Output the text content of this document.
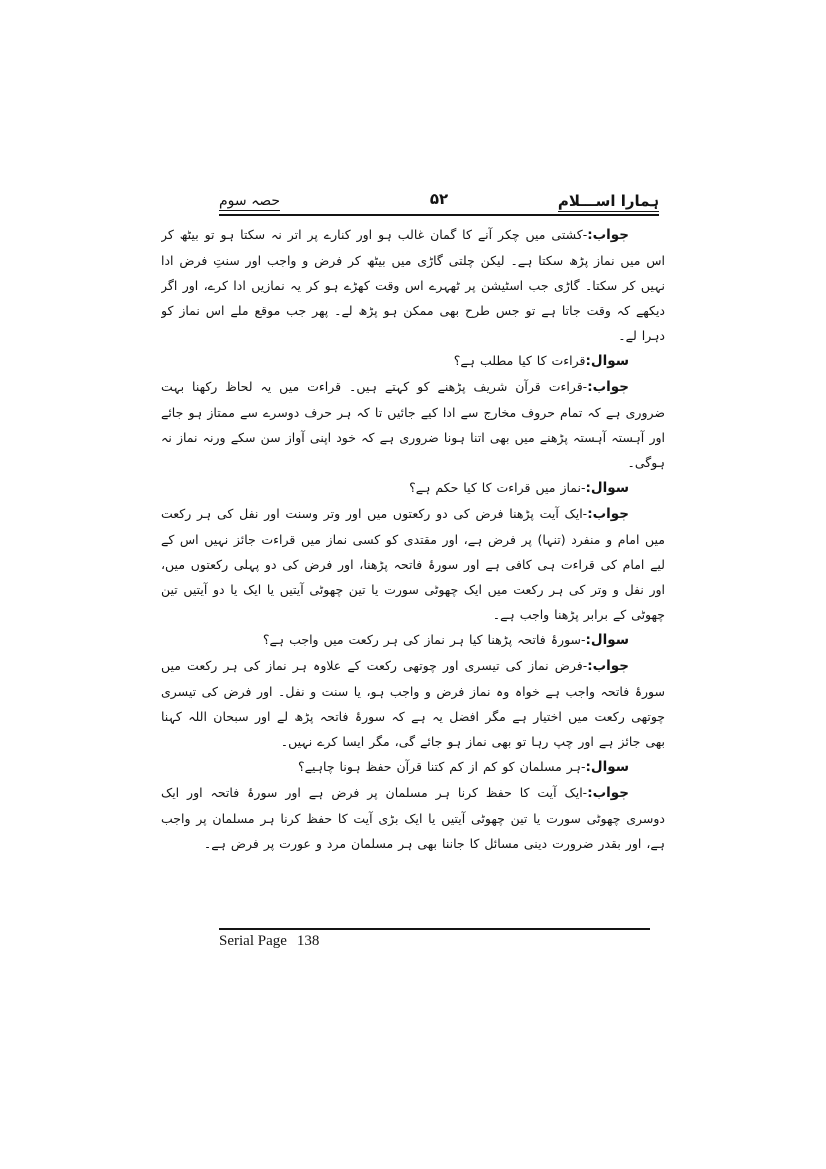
ہمارا اســـلام
۵۲
حصہ سوم

جواب:-کشتی میں چکر آنے کا گمان غالب ہو اور کنارے پر اتر نہ سکتا ہو تو بیٹھ کر اس میں نماز پڑھ سکتا ہے۔ لیکن چلتی گاڑی میں بیٹھ کر فرض و واجب اور سنتِ فرض ادا نہیں کر سکتا۔ گاڑی جب اسٹیشن پر ٹھہرے اس وقت کھڑے ہو کر یہ نمازیں ادا کرے، اور اگر دیکھے کہ وقت جاتا ہے تو جس طرح بھی ممکن ہو پڑھ لے۔ پھر جب موقع ملے اس نماز کو دہرا لے۔

سوال:قراءت کا کیا مطلب ہے؟

جواب:-قراءت قرآن شریف پڑھنے کو کہتے ہیں۔ قراءت میں یہ لحاظ رکھنا بہت ضروری ہے کہ تمام حروف مخارج سے ادا کیے جائیں تا کہ ہر حرف دوسرے سے ممتاز ہو جائے اور آہستہ آہستہ پڑھنے میں بھی اتنا ہونا ضروری ہے کہ خود اپنی آواز سن سکے ورنہ نماز نہ ہوگی۔

سوال:-نماز میں قراءت کا کیا حکم ہے؟

جواب:-ایک آیت پڑھنا فرض کی دو رکعتوں میں اور وتر وسنت اور نفل کی ہر رکعت میں امام و منفرد (تنہا) پر فرض ہے، اور مقتدی کو کسی نماز میں قراءت جائز نہیں اس کے لیے امام کی قراءت ہی کافی ہے اور سورۂ فاتحہ پڑھنا، اور فرض کی دو پہلی رکعتوں میں، اور نفل و وتر کی ہر رکعت میں ایک چھوٹی سورت یا تین چھوٹی آیتیں یا ایک یا دو آیتیں تین چھوٹی کے برابر پڑھنا واجب ہے۔

سوال:-سورۂ فاتحہ پڑھنا کیا ہر نماز کی ہر رکعت میں واجب ہے؟

جواب:-فرض نماز کی تیسری اور چوتھی رکعت کے علاوہ ہر نماز کی ہر رکعت میں سورۂ فاتحہ واجب ہے خواہ وہ نماز فرض و واجب ہو، یا سنت و نفل۔ اور فرض کی تیسری چوتھی رکعت میں اختیار ہے مگر افضل یہ ہے کہ سورۂ فاتحہ پڑھ لے اور سبحان اللہ کہنا بھی جائز ہے اور چپ رہا تو بھی نماز ہو جائے گی، مگر ایسا کرے نہیں۔

سوال:-ہر مسلمان کو کم از کم کتنا قرآن حفظ ہونا چاہیے؟

جواب:-ایک آیت کا حفظ کرنا ہر مسلمان پر فرض ہے اور سورۂ فاتحہ اور ایک دوسری چھوٹی سورت یا تین چھوٹی آیتیں یا ایک بڑی آیت کا حفظ کرنا ہر مسلمان پر واجب ہے، اور بقدر ضرورت دینی مسائل کا جاننا بھی ہر مسلمان مرد و عورت پر فرض ہے۔

Serial Page 138
